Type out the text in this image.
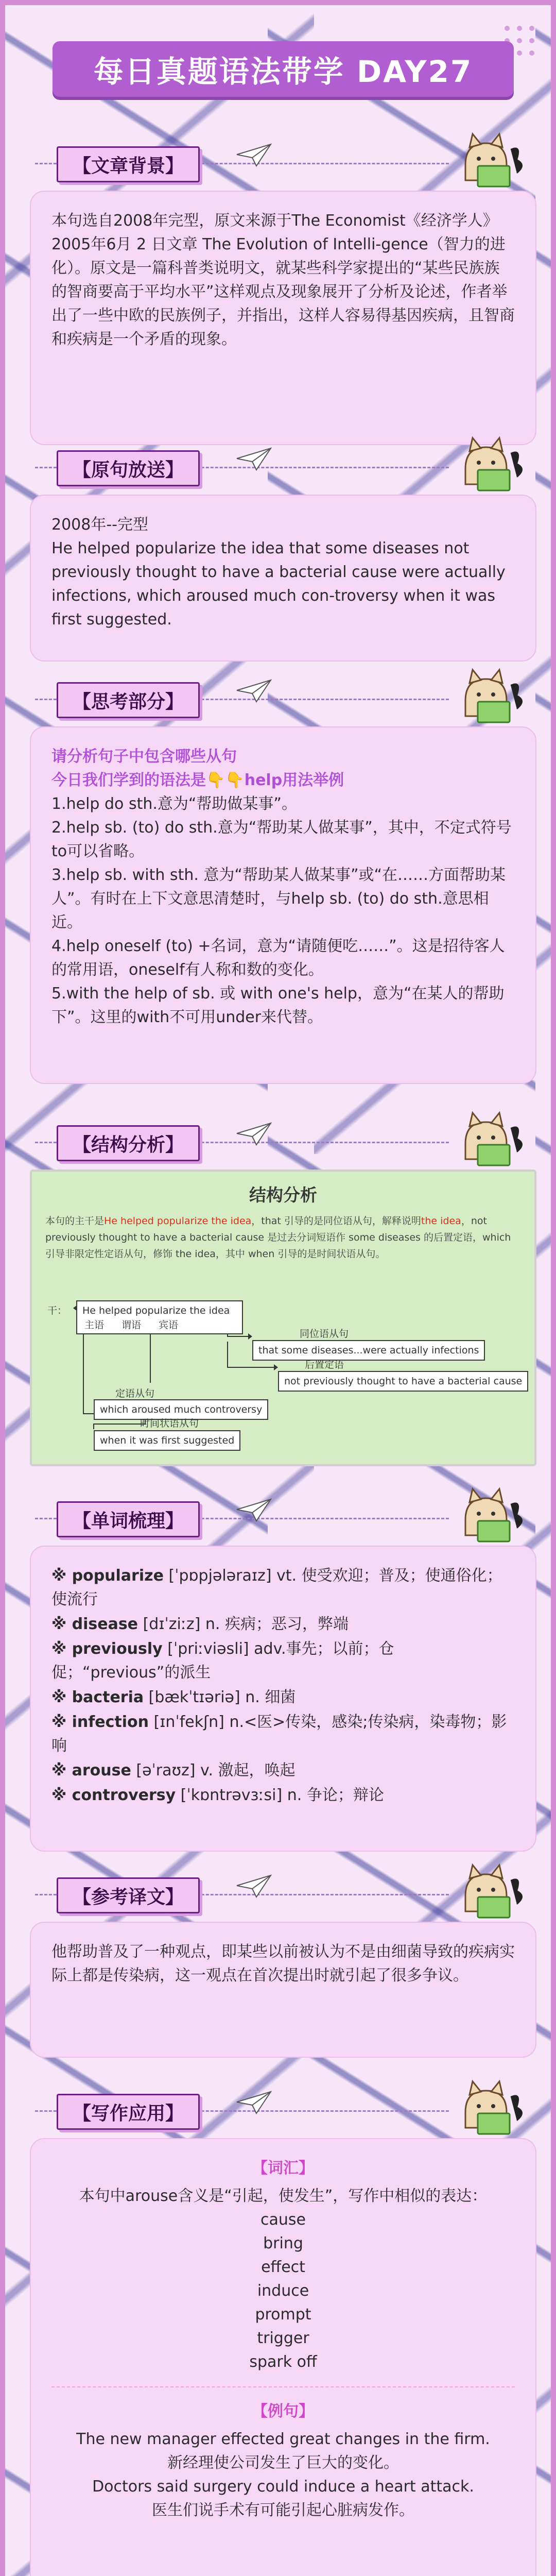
每日真题语法带学 DAY27
【文章背景】

本句选自2008年完型，原文来源于The Economist《经济学人》2005年6月 2 日文章 The Evolution of Intelli-gence（智力的进化）。原文是一篇科普类说明文，就某些科学家提出的“某些民族族的智商要高于平均水平”这样观点及现象展开了分析及论述，作者举出了一些中欧的民族例子，并指出，这样人容易得基因疾病，且智商和疾病是一个矛盾的现象。

【原句放送】

2008年--完型

He helped popularize the idea that some diseases not previously thought to have a bacterial cause were actually infections, which aroused much con-troversy when it was first suggested.

【思考部分】

请分析句子中包含哪些从句

今日我们学到的语法是👇👇help用法举例

1.help do sth.意为“帮助做某事”。

2.help sb. (to) do sth.意为“帮助某人做某事”，其中，不定式符号to可以省略。

3.help sb. with sth. 意为“帮助某人做某事”或“在……方面帮助某人”。有时在上下文意思清楚时，与help sb. (to) do sth.意思相近。

4.help oneself (to) +名词，意为“请随便吃……”。这是招待客人的常用语，oneself有人称和数的变化。

5.with the help of sb. 或 with one's help，意为“在某人的帮助下”。这里的with不可用under来代替。

【结构分析】
结构分析
本句的主干是He helped popularize the idea，that 引导的是同位语从句，解释说明the idea，not previously thought to have a bacterial cause 是过去分词短语作 some diseases 的后置定语，which 引导非限定性定语从句，修饰 the idea，其中 when 引导的是时间状语从句。
干： He helped popularize the idea
主语 谓语 宾语
同位语从句
that some diseases...were actually infections
后置定语
not previously thought to have a bacterial cause
定语从句
which aroused much controversy
时间状语从句
when it was first suggested
【单词梳理】

※ popularize [ˈpɒpjələraɪz] vt. 使受欢迎；普及；使通俗化；使流行

※ disease [dɪˈziːz] n. 疾病；恶习，弊端

※ previously [ˈpriːviəsli] adv.事先；以前；仓促；“previous”的派生

※ bacteria [bækˈtɪəriə] n. 细菌

※ infection [ɪnˈfekʃn] n.<医>传染，感染;传染病，染毒物；影响

※ arouse [əˈraʊz] v. 激起，唤起

※ controversy [ˈkɒntrəvɜːsi] n. 争论；辩论

【参考译文】

他帮助普及了一种观点，即某些以前被认为不是由细菌导致的疾病实际上都是传染病，这一观点在首次提出时就引起了很多争议。

【写作应用】

【词汇】

本句中arouse含义是“引起，使发生”，写作中相似的表达：

cause

bring

effect

induce

prompt

trigger

spark off

【例句】

The new manager effected great changes in the firm.

新经理使公司发生了巨大的变化。

Doctors said surgery could induce a heart attack.

医生们说手术有可能引起心脏病发作。
